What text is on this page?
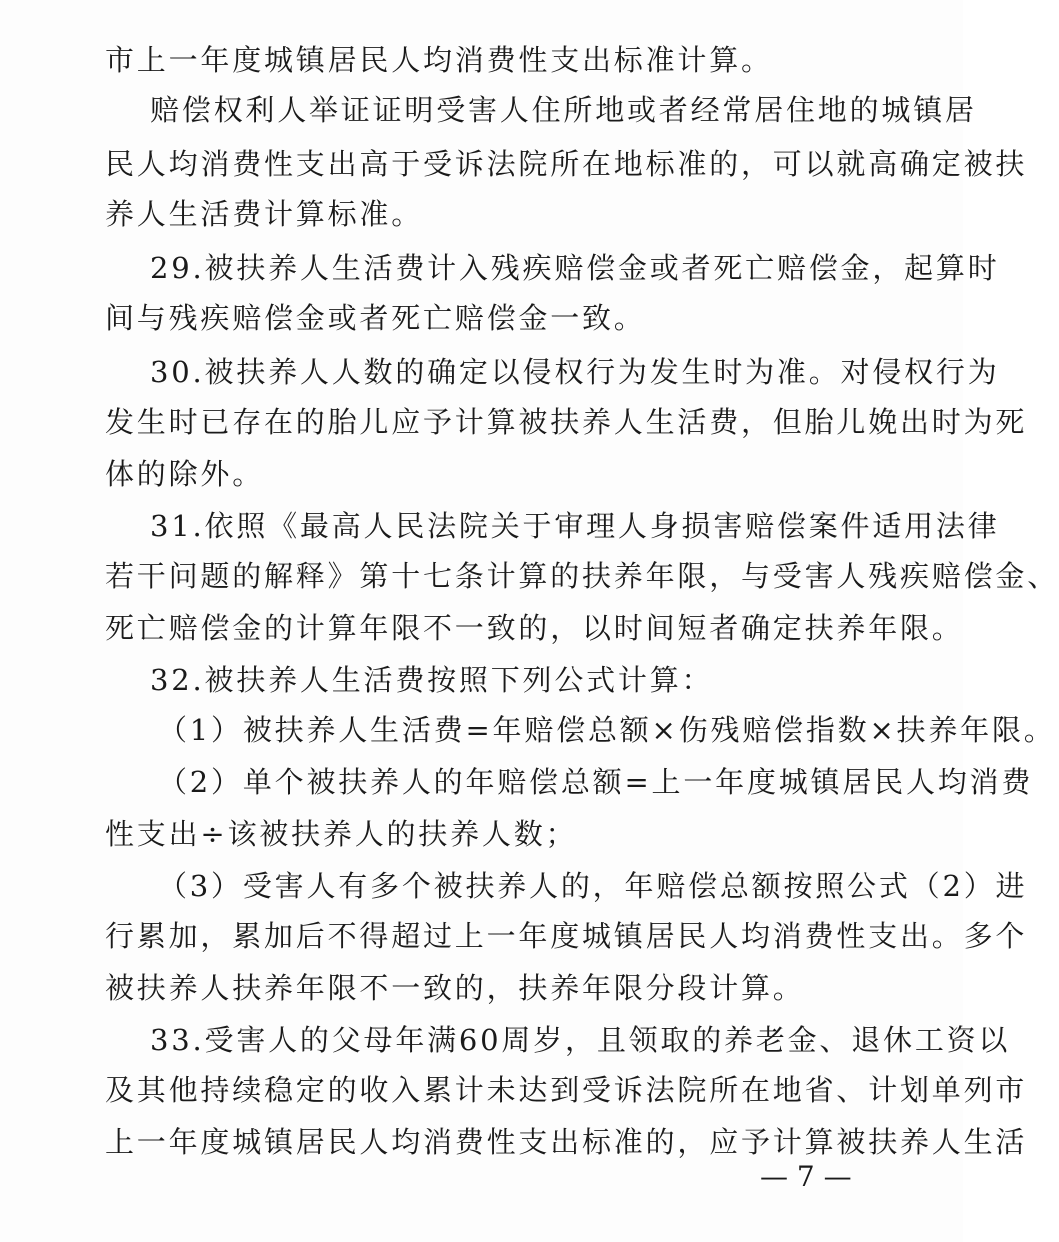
市上一年度城镇居民人均消费性支出标准计算。
赔偿权利人举证证明受害人住所地或者经常居住地的城镇居
民人均消费性支出高于受诉法院所在地标准的，可以就高确定被扶
养人生活费计算标准。
29.被扶养人生活费计入残疾赔偿金或者死亡赔偿金，起算时
间与残疾赔偿金或者死亡赔偿金一致。
30.被扶养人人数的确定以侵权行为发生时为准。对侵权行为
发生时已存在的胎儿应予计算被扶养人生活费，但胎儿娩出时为死
体的除外。
31.依照《最高人民法院关于审理人身损害赔偿案件适用法律
若干问题的解释》第十七条计算的扶养年限，与受害人残疾赔偿金、
死亡赔偿金的计算年限不一致的，以时间短者确定扶养年限。
32.被扶养人生活费按照下列公式计算：
（1）被扶养人生活费=年赔偿总额×伤残赔偿指数×扶养年限。
（2）单个被扶养人的年赔偿总额=上一年度城镇居民人均消费
性支出÷该被扶养人的扶养人数；
（3）受害人有多个被扶养人的，年赔偿总额按照公式（2）进
行累加，累加后不得超过上一年度城镇居民人均消费性支出。多个
被扶养人扶养年限不一致的，扶养年限分段计算。
33.受害人的父母年满60周岁，且领取的养老金、退休工资以
及其他持续稳定的收入累计未达到受诉法院所在地省、计划单列市
上一年度城镇居民人均消费性支出标准的，应予计算被扶养人生活
— 7 —
